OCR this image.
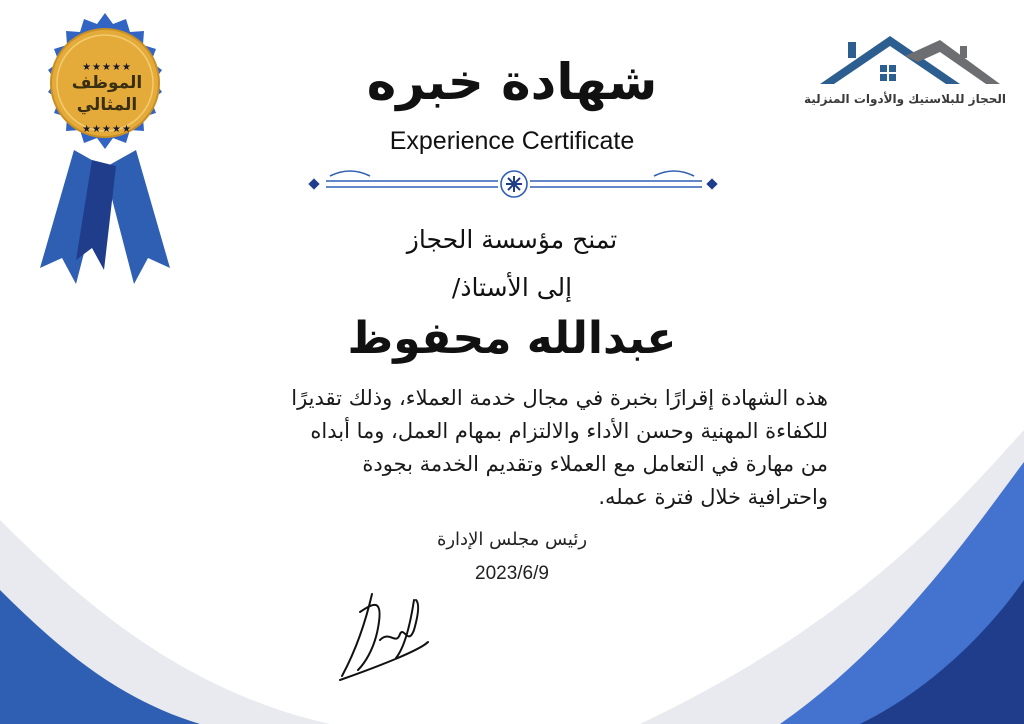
★★★★★
الموظف
المثالي
★★★★★
الحجاز للبلاستيك والأدوات المنزلية
شهادة خبره
Experience Certificate
تمنح مؤسسة الحجاز
إلى الأستاذ/
عبدالله محفوظ
هذه الشهادة إقرارًا بخبرة في مجال خدمة العملاء، وذلك تقديرًا
للكفاءة المهنية وحسن الأداء والالتزام بمهام العمل، وما أبداه
من مهارة في التعامل مع العملاء وتقديم الخدمة بجودة
واحترافية خلال فترة عمله.
رئيس مجلس الإدارة
2023/6/9
